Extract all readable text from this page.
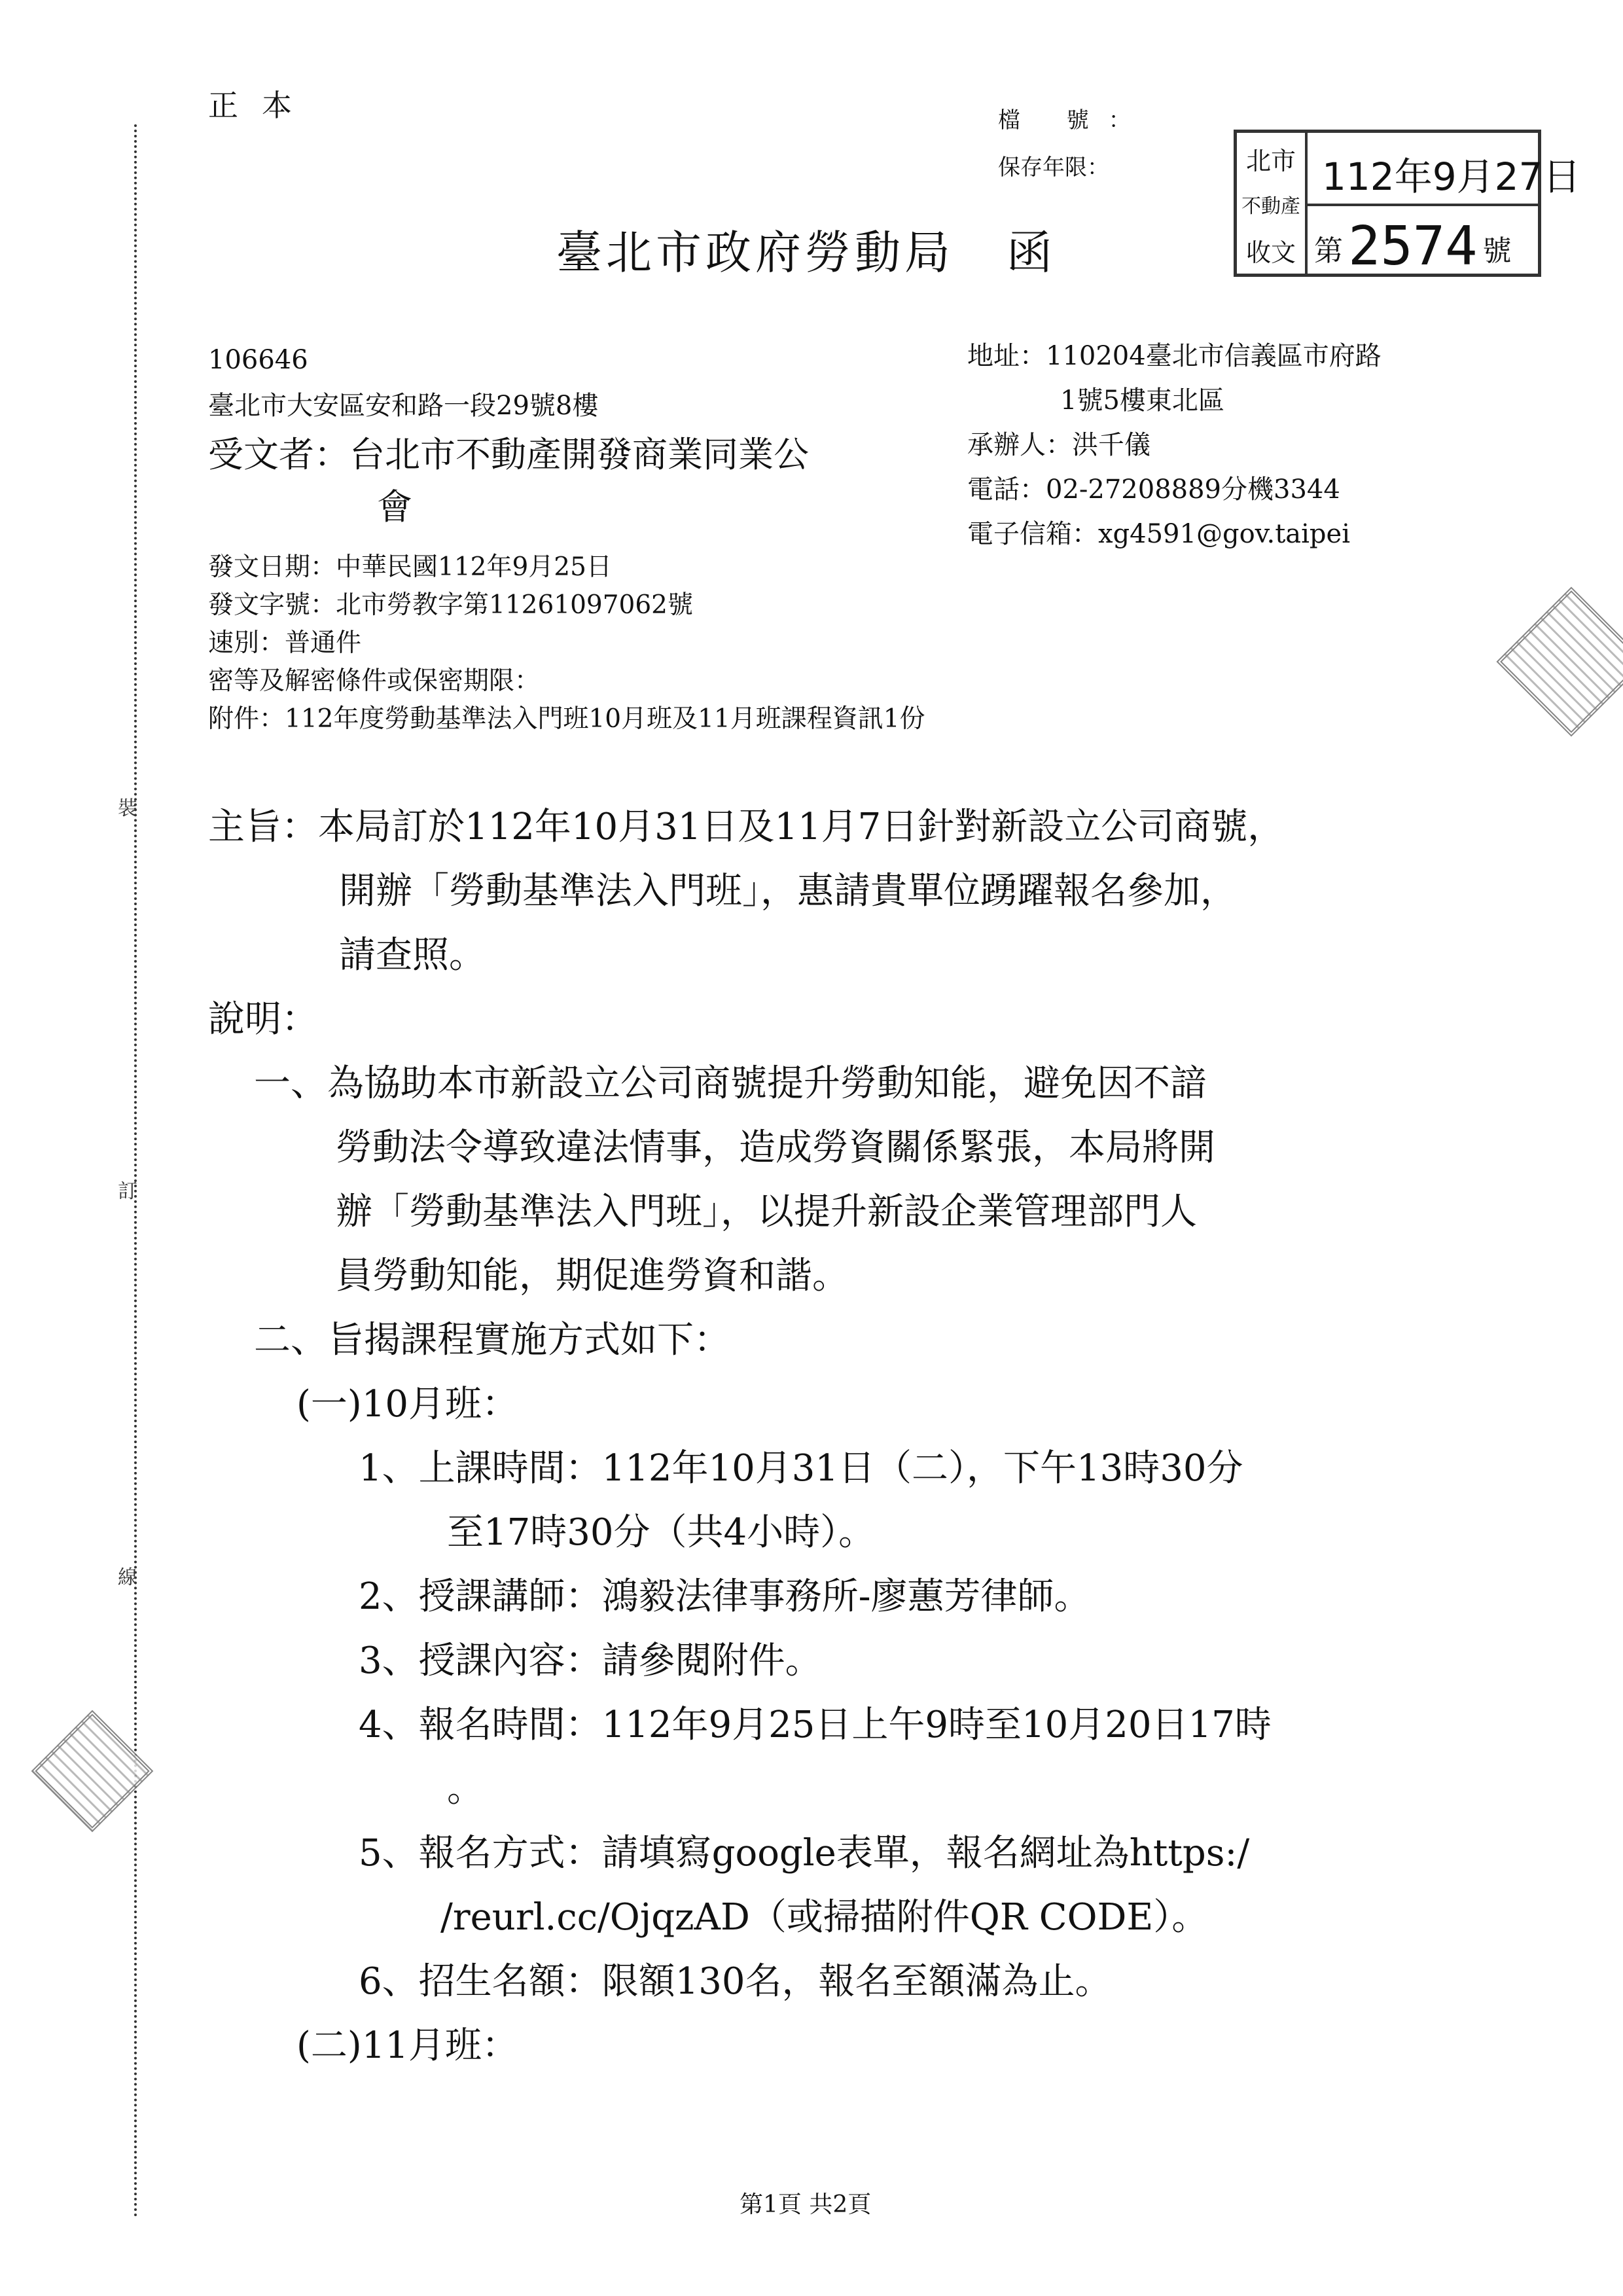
裝
訂
線
正本	檔 號：
保存年限：	北市
不動產
收文
112年9月27日
第2574 號
臺北市政府勞動局 函
106646
臺北市大安區安和路一段29號8樓
受文者：台北市不動產開發商業同業公
會
地址：110204臺北市信義區市府路
1號5樓東北區
承辦人：洪千儀
電話：02-27208889分機3344
電子信箱：xg4591@gov.taipei
發文日期：中華民國112年9月25日
發文字號：北市勞教字第11261097062號
速別：普通件
密等及解密條件或保密期限：
附件：112年度勞動基準法入門班10月班及11月班課程資訊1份
主旨：本局訂於112年10月31日及11月7日針對新設立公司商號，
開辦「勞動基準法入門班」，惠請貴單位踴躍報名參加，
請查照。
說明：
一、為協助本市新設立公司商號提升勞動知能，避免因不諳
勞動法令導致違法情事，造成勞資關係緊張，本局將開
辦「勞動基準法入門班」，以提升新設企業管理部門人
員勞動知能，期促進勞資和諧。
二、旨揭課程實施方式如下：
(一)10月班：
1、上課時間：112年10月31日（二），下午13時30分
至17時30分（共4小時）。
2、授課講師：鴻毅法律事務所-廖蕙芳律師。
3、授課內容：請參閱附件。
4、報名時間：112年9月25日上午9時至10月20日17時
。
5、報名方式：請填寫google表單，報名網址為https:/
/reurl.cc/OjqzAD（或掃描附件QR CODE）。
6、招生名額：限額130名，報名至額滿為止。
(二)11月班：
第1頁 共2頁
